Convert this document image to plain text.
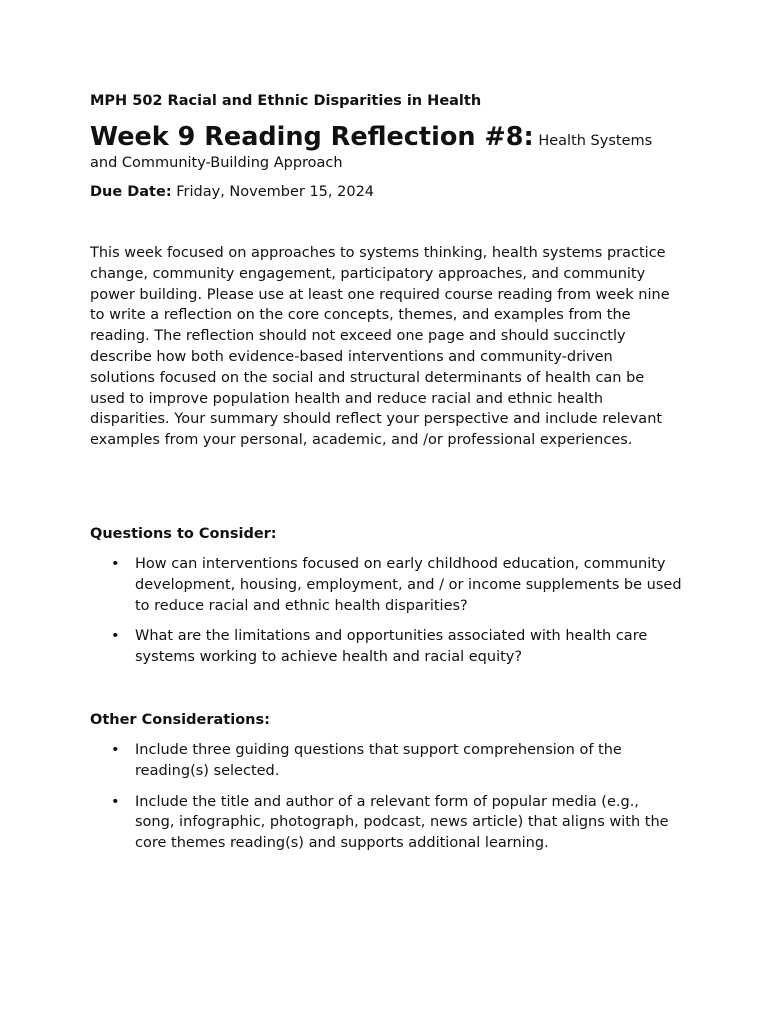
MPH 502 Racial and Ethnic Disparities in Health

Week 9 Reading Reflection #8: Health Systems and Community-Building Approach
Due Date: Friday, November 15, 2024

This week focused on approaches to systems thinking, health systems practice change, community engagement, participatory approaches, and community power building. Please use at least one required course reading from week nine to write a reflection on the core concepts, themes, and examples from the reading. The reflection should not exceed one page and should succinctly describe how both evidence-based interventions and community-driven solutions focused on the social and structural determinants of health can be used to improve population health and reduce racial and ethnic health disparities. Your summary should reflect your perspective and include relevant examples from your personal, academic, and /or professional experiences.

Questions to Consider:

• How can interventions focused on early childhood education, community development, housing, employment, and / or income supplements be used to reduce racial and ethnic health disparities?
• What are the limitations and opportunities associated with health care systems working to achieve health and racial equity?

Other Considerations:

• Include three guiding questions that support comprehension of the reading(s) selected.
• Include the title and author of a relevant form of popular media (e.g., song, infographic, photograph, podcast, news article) that aligns with the core themes reading(s) and supports additional learning.
